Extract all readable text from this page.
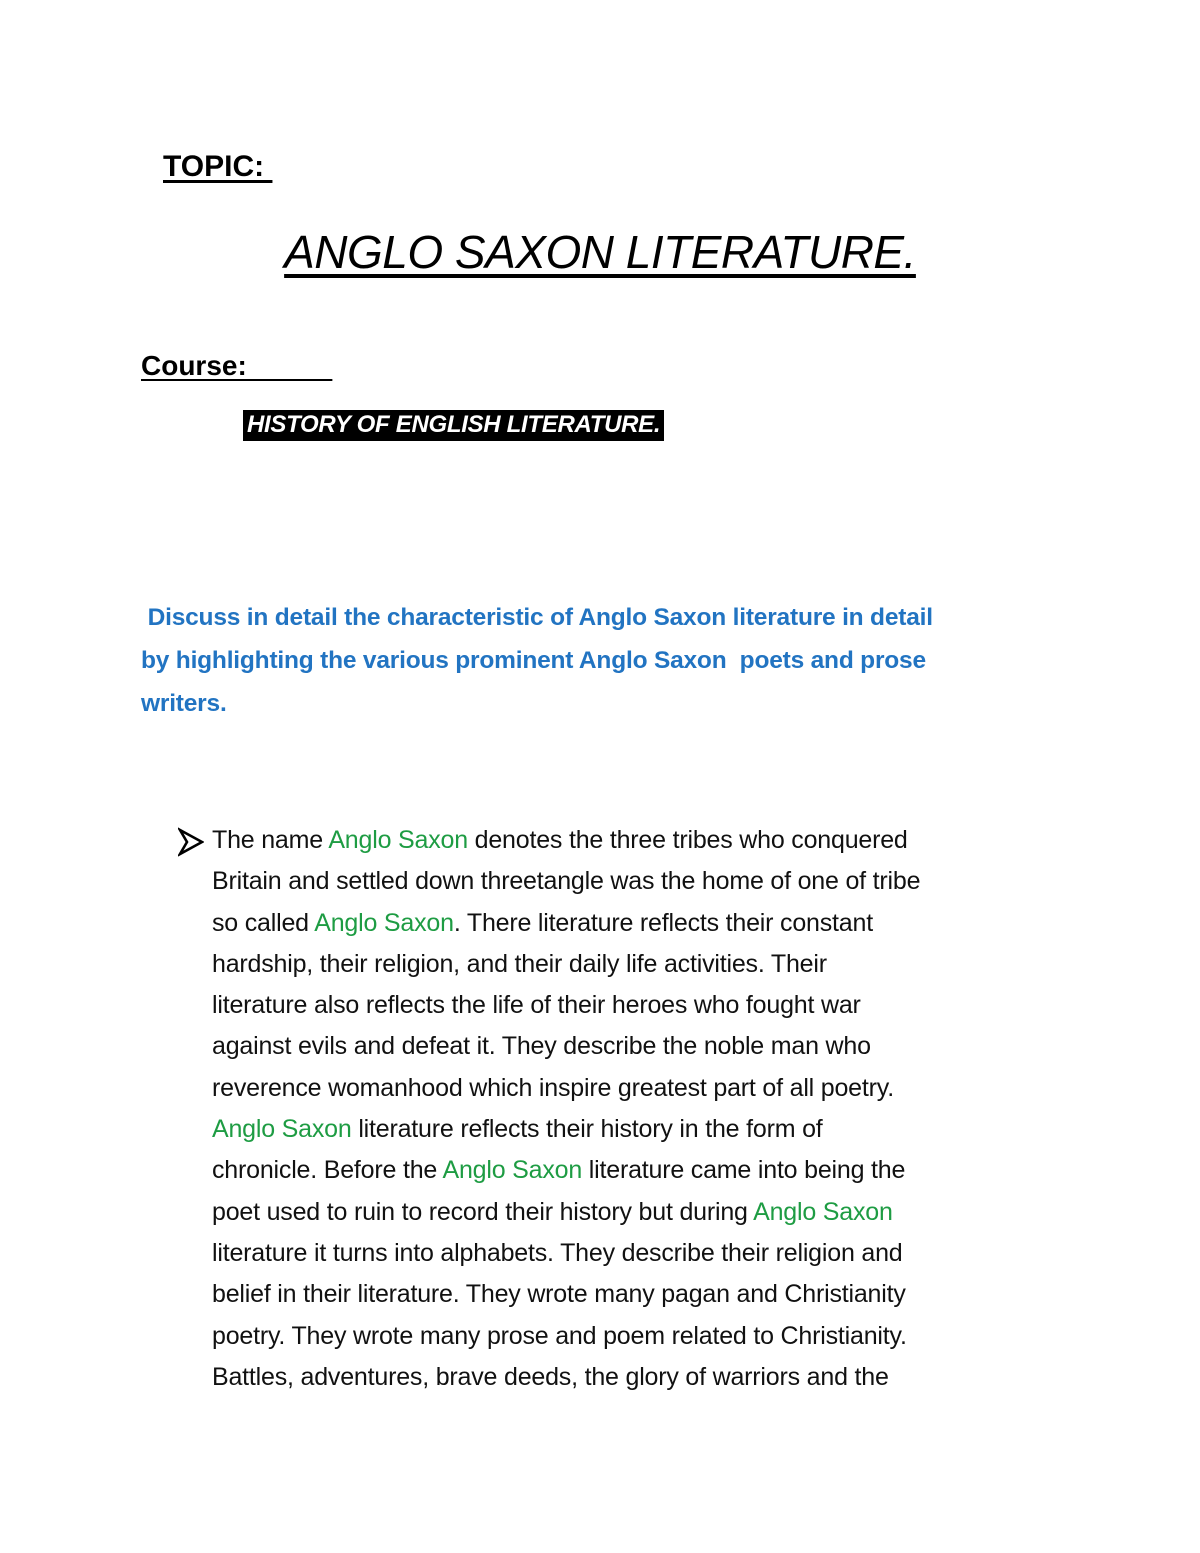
TOPIC:
ANGLO SAXON LITERATURE.
Course:
HISTORY OF ENGLISH LITERATURE.
Discuss in detail the characteristic of Anglo Saxon literature in detail
by highlighting the various prominent Anglo Saxon  poets and prose
writers.

The name Anglo Saxon denotes the three tribes who conquered

Britain and settled down threetangle was the home of one of tribe

so called Anglo Saxon. There literature reflects their constant

hardship, their religion, and their daily life activities. Their

literature also reflects the life of their heroes who fought war

against evils and defeat it. They describe the noble man who

reverence womanhood which inspire greatest part of all poetry.

Anglo Saxon literature reflects their history in the form of

chronicle. Before the Anglo Saxon literature came into being the

poet used to ruin to record their history but during Anglo Saxon

literature it turns into alphabets. They describe their religion and

belief in their literature. They wrote many pagan and Christianity

poetry. They wrote many prose and poem related to Christianity.

Battles, adventures, brave deeds, the glory of warriors and the
